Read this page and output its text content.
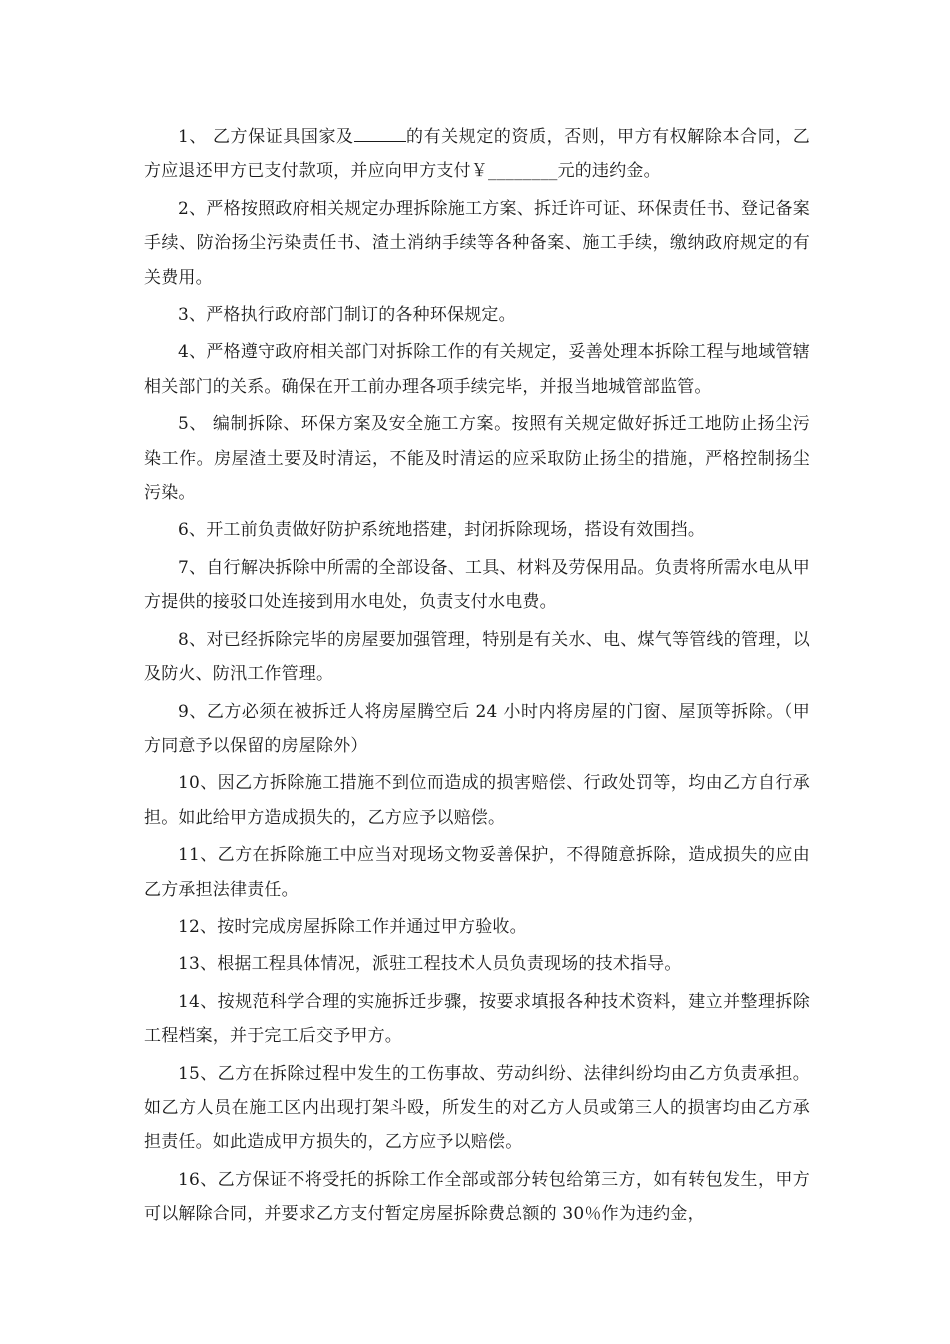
1、 乙方保证具国家及	的有关规定的资质，否则，甲方有权解除本合同，乙方应退还甲方已支付款项，并应向甲方支付￥________元的违约金。

2、严格按照政府相关规定办理拆除施工方案、拆迁许可证、环保责任书、登记备案手续、防治扬尘污染责任书、渣土消纳手续等各种备案、施工手续，缴纳政府规定的有关费用。

3、严格执行政府部门制订的各种环保规定。

4、严格遵守政府相关部门对拆除工作的有关规定，妥善处理本拆除工程与地域管辖相关部门的关系。确保在开工前办理各项手续完毕，并报当地城管部监管。

5、 编制拆除、环保方案及安全施工方案。按照有关规定做好拆迁工地防止扬尘污染工作。房屋渣土要及时清运，不能及时清运的应采取防止扬尘的措施，严格控制扬尘污染。

6、开工前负责做好防护系统地搭建，封闭拆除现场，搭设有效围挡。

7、自行解决拆除中所需的全部设备、工具、材料及劳保用品。负责将所需水电从甲方提供的接驳口处连接到用水电处，负责支付水电费。

8、对已经拆除完毕的房屋要加强管理，特别是有关水、电、煤气等管线的管理，以及防火、防汛工作管理。

9、乙方必须在被拆迁人将房屋腾空后 24 小时内将房屋的门窗、屋顶等拆除。（甲方同意予以保留的房屋除外）

10、因乙方拆除施工措施不到位而造成的损害赔偿、行政处罚等，均由乙方自行承担。如此给甲方造成损失的，乙方应予以赔偿。

11、乙方在拆除施工中应当对现场文物妥善保护，不得随意拆除，造成损失的应由乙方承担法律责任。

12、按时完成房屋拆除工作并通过甲方验收。

13、根据工程具体情况，派驻工程技术人员负责现场的技术指导。

14、按规范科学合理的实施拆迁步骤，按要求填报各种技术资料，建立并整理拆除工程档案，并于完工后交予甲方。

15、乙方在拆除过程中发生的工伤事故、劳动纠纷、法律纠纷均由乙方负责承担。如乙方人员在施工区内出现打架斗殴，所发生的对乙方人员或第三人的损害均由乙方承担责任。如此造成甲方损失的，乙方应予以赔偿。

16、乙方保证不将受托的拆除工作全部或部分转包给第三方，如有转包发生，甲方可以解除合同，并要求乙方支付暂定房屋拆除费总额的 30％作为违约金，
